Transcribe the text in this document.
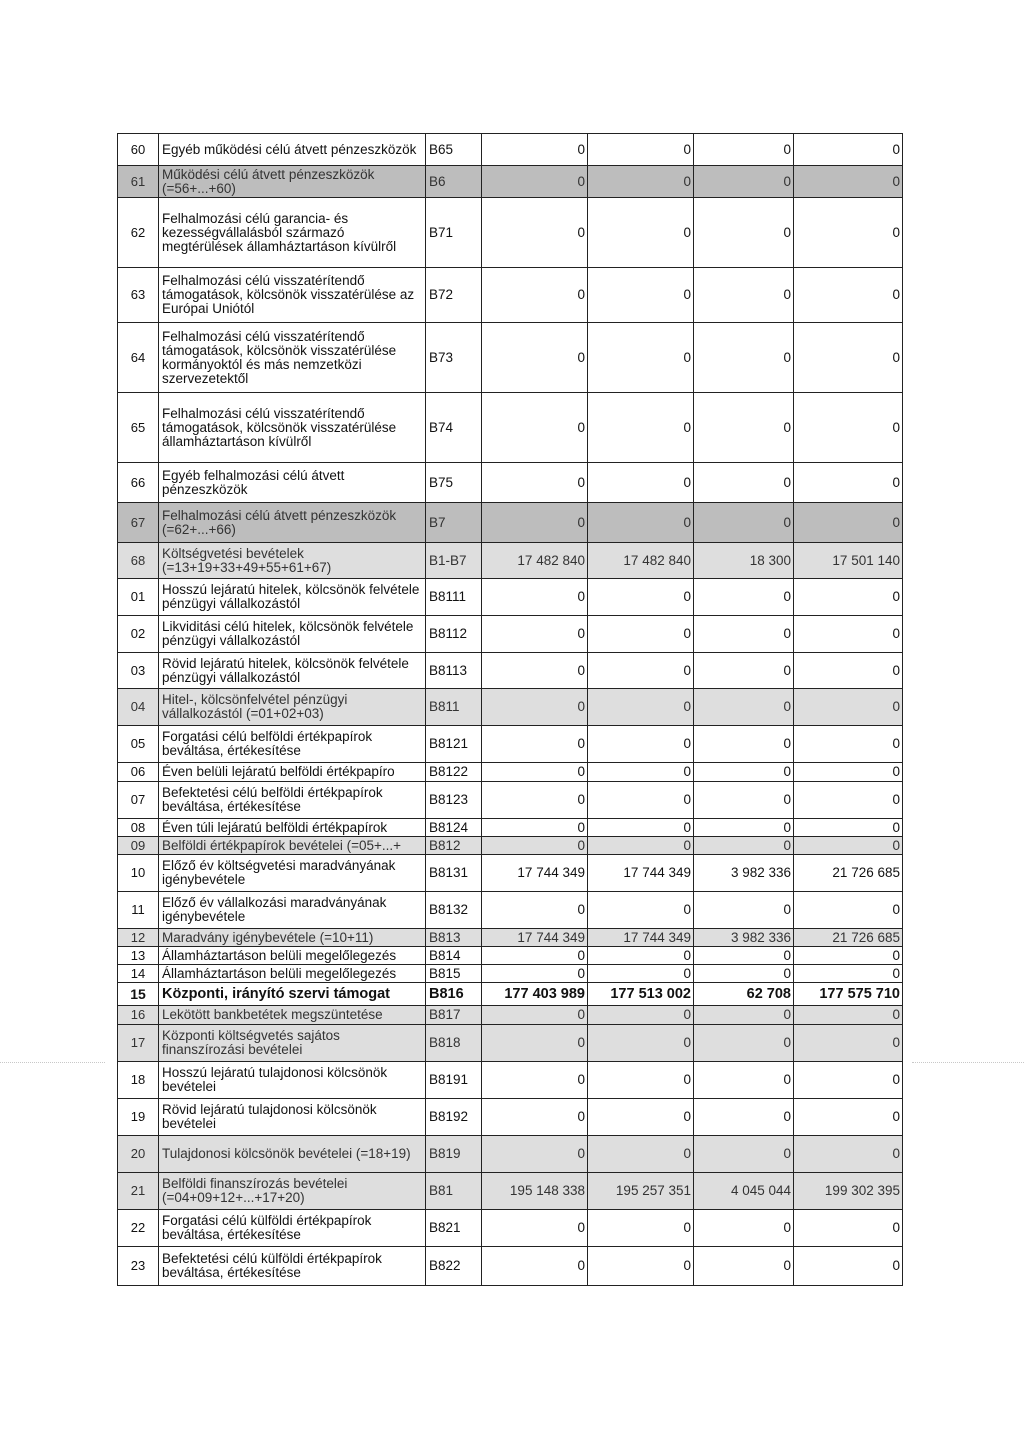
60	Egyéb működési célú átvett pénzeszközök	B65	0	0	0	0
61	Működési célú átvett pénzeszközök (=56+...+60)	B6	0	0	0	0
62	Felhalmozási célú garancia- és kezességvállalásból származó megtérülések államháztartáson kívülről	B71	0	0	0	0
63	Felhalmozási célú visszatérítendő támogatások, kölcsönök visszatérülése az Európai Uniótól	B72	0	0	0	0
64	Felhalmozási célú visszatérítendő támogatások, kölcsönök visszatérülése kormányoktól és más nemzetközi szervezetektől	B73	0	0	0	0
65	Felhalmozási célú visszatérítendő támogatások, kölcsönök visszatérülése államháztartáson kívülről	B74	0	0	0	0
66	Egyéb felhalmozási célú átvett pénzeszközök	B75	0	0	0	0
67	Felhalmozási célú átvett pénzeszközök (=62+...+66)	B7	0	0	0	0
68	Költségvetési bevételek (=13+19+33+49+55+61+67)	B1-B7	17 482 840	17 482 840	18 300	17 501 140
01	Hosszú lejáratú hitelek, kölcsönök felvétele pénzügyi vállalkozástól	B8111	0	0	0	0
02	Likviditási célú hitelek, kölcsönök felvétele pénzügyi vállalkozástól	B8112	0	0	0	0
03	Rövid lejáratú hitelek, kölcsönök felvétele pénzügyi vállalkozástól	B8113	0	0	0	0
04	Hitel-, kölcsönfelvétel pénzügyi vállalkozástól (=01+02+03)	B811	0	0	0	0
05	Forgatási célú belföldi értékpapírok beváltása, értékesítése	B8121	0	0	0	0
06	Éven belüli lejáratú belföldi értékpapíro	B8122	0	0	0	0
07	Befektetési célú belföldi értékpapírok beváltása, értékesítése	B8123	0	0	0	0
08	Éven túli lejáratú belföldi értékpapírok	B8124	0	0	0	0
09	Belföldi értékpapírok bevételei (=05+...+	B812	0	0	0	0
10	Előző év költségvetési maradványának igénybevétele	B8131	17 744 349	17 744 349	3 982 336	21 726 685
11	Előző év vállalkozási maradványának igénybevétele	B8132	0	0	0	0
12	Maradvány igénybevétele (=10+11)	B813	17 744 349	17 744 349	3 982 336	21 726 685
13	Államháztartáson belüli megelőlegezés	B814	0	0	0	0
14	Államháztartáson belüli megelőlegezés	B815	0	0	0	0
15	Központi, irányító szervi támogat	B816	177 403 989	177 513 002	62 708	177 575 710
16	Lekötött bankbetétek megszüntetése	B817	0	0	0	0
17	Központi költségvetés sajátos finanszírozási bevételei	B818	0	0	0	0
18	Hosszú lejáratú tulajdonosi kölcsönök bevételei	B8191	0	0	0	0
19	Rövid lejáratú tulajdonosi kölcsönök bevételei	B8192	0	0	0	0
20	Tulajdonosi kölcsönök bevételei (=18+19)	B819	0	0	0	0
21	Belföldi finanszírozás bevételei (=04+09+12+...+17+20)	B81	195 148 338	195 257 351	4 045 044	199 302 395
22	Forgatási célú külföldi értékpapírok beváltása, értékesítése	B821	0	0	0	0
23	Befektetési célú külföldi értékpapírok beváltása, értékesítése	B822	0	0	0	0
